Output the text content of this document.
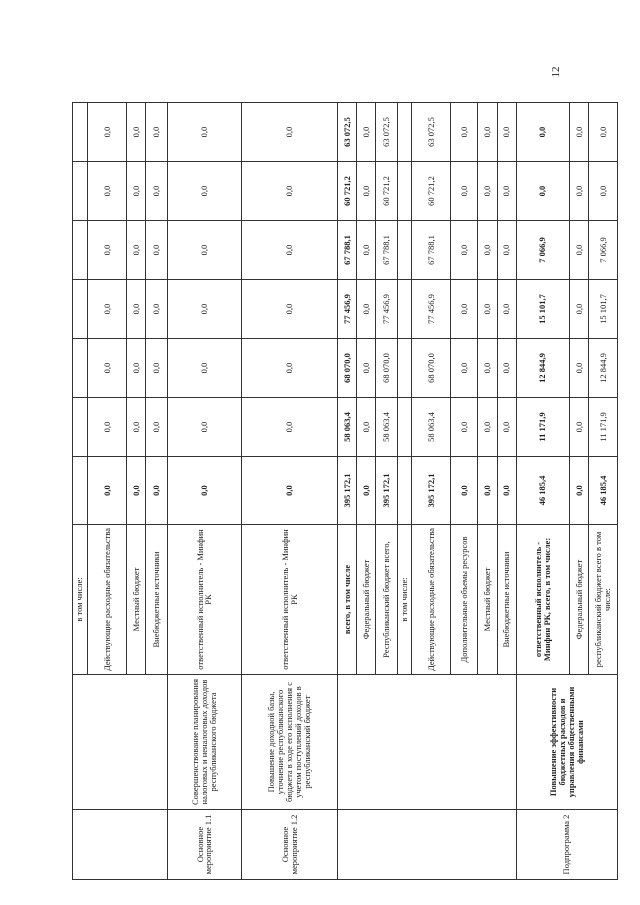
12
		в том числе:							
		Действующие расходные обязательства	0,0	0,0	0,0	0,0	0,0	0,0	0,0
		Местный бюджет	0,0	0,0	0,0	0,0	0,0	0,0	0,0
		Внебюджетные источники	0,0	0,0	0,0	0,0	0,0	0,0	0,0
Основное мероприятие 1.1	Совершенствование планирования налоговых и неналоговых доходов республиканского бюджета	ответственный исполнитель - Минфин РК	0,0	0,0	0,0	0,0	0,0	0,0	0,0
Основное мероприятие 1.2	Повышение доходной базы, уточнение республиканского бюджета в ходе его исполнения с учетом поступлений доходов в республиканский бюджет	ответственный исполнитель - Минфин РК	0,0	0,0	0,0	0,0	0,0	0,0	0,0
		всего, в том числе	395 172,1	58 063,4	68 070,0	77 456,9	67 788,1	60 721,2	63 072,5
		Федеральный бюджет	0,0	0,0	0,0	0,0	0,0	0,0	0,0
		Республиканский бюджет всего,	395 172,1	58 063,4	68 070,0	77 456,9	67 788,1	60 721,2	63 072,5
		в том числе:							
		Действующие расходные обязательства	395 172,1	58 063,4	68 070,0	77 456,9	67 788,1	60 721,2	63 072,5
		Дополнительные объемы ресурсов	0,0	0,0	0,0	0,0	0,0	0,0	0,0
		Местный бюджет	0,0	0,0	0,0	0,0	0,0	0,0	0,0
		Внебюджетные источники	0,0	0,0	0,0	0,0	0,0	0,0	0,0
Подпрограмма 2	Повышение эффективности бюджетных расходов и управления общественными финансами	ответственный исполнитель - Минфин РК, всего, в том числе:	46 185,4	11 171,9	12 844,9	15 101,7	7 066,9	0,0	0,0
		Федеральный бюджет	0,0	0,0	0,0	0,0	0,0	0,0	0,0
		республиканский бюджет всего в том числе:	46 185,4	11 171,9	12 844,9	15 101,7	7 066,9	0,0	0,0
